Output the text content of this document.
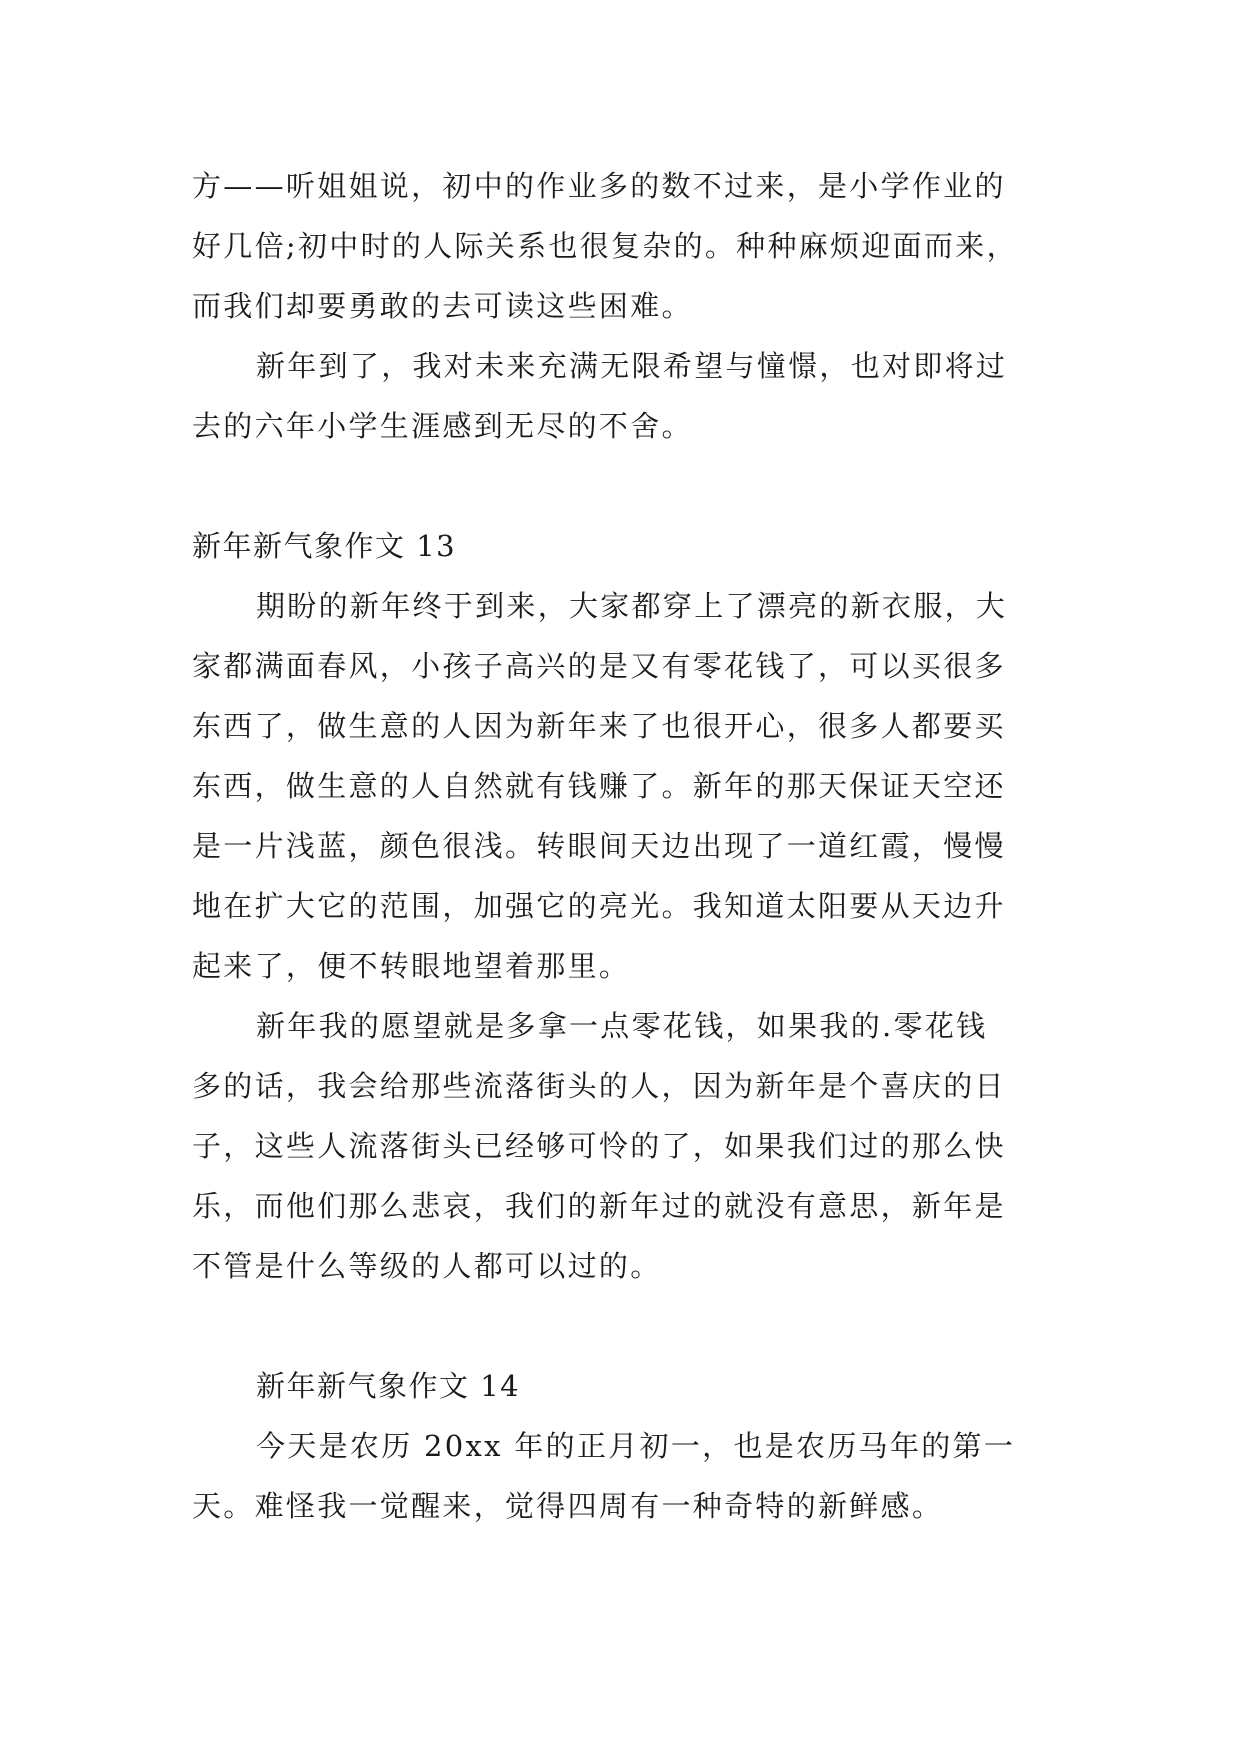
方——听姐姐说，初中的作业多的数不过来，是小学作业的
好几倍;初中时的人际关系也很复杂的。种种麻烦迎面而来，
而我们却要勇敢的去可读这些困难。
新年到了，我对未来充满无限希望与憧憬，也对即将过
去的六年小学生涯感到无尽的不舍。
新年新气象作文 13
期盼的新年终于到来，大家都穿上了漂亮的新衣服，大
家都满面春风，小孩子高兴的是又有零花钱了，可以买很多
东西了，做生意的人因为新年来了也很开心，很多人都要买
东西，做生意的人自然就有钱赚了。新年的那天保证天空还
是一片浅蓝，颜色很浅。转眼间天边出现了一道红霞，慢慢
地在扩大它的范围，加强它的亮光。我知道太阳要从天边升
起来了，便不转眼地望着那里。
新年我的愿望就是多拿一点零花钱，如果我的.零花钱
多的话，我会给那些流落街头的人，因为新年是个喜庆的日
子，这些人流落街头已经够可怜的了，如果我们过的那么快
乐，而他们那么悲哀，我们的新年过的就没有意思，新年是
不管是什么等级的人都可以过的。
新年新气象作文 14
今天是农历 20xx 年的正月初一，也是农历马年的第一
天。难怪我一觉醒来，觉得四周有一种奇特的新鲜感。
